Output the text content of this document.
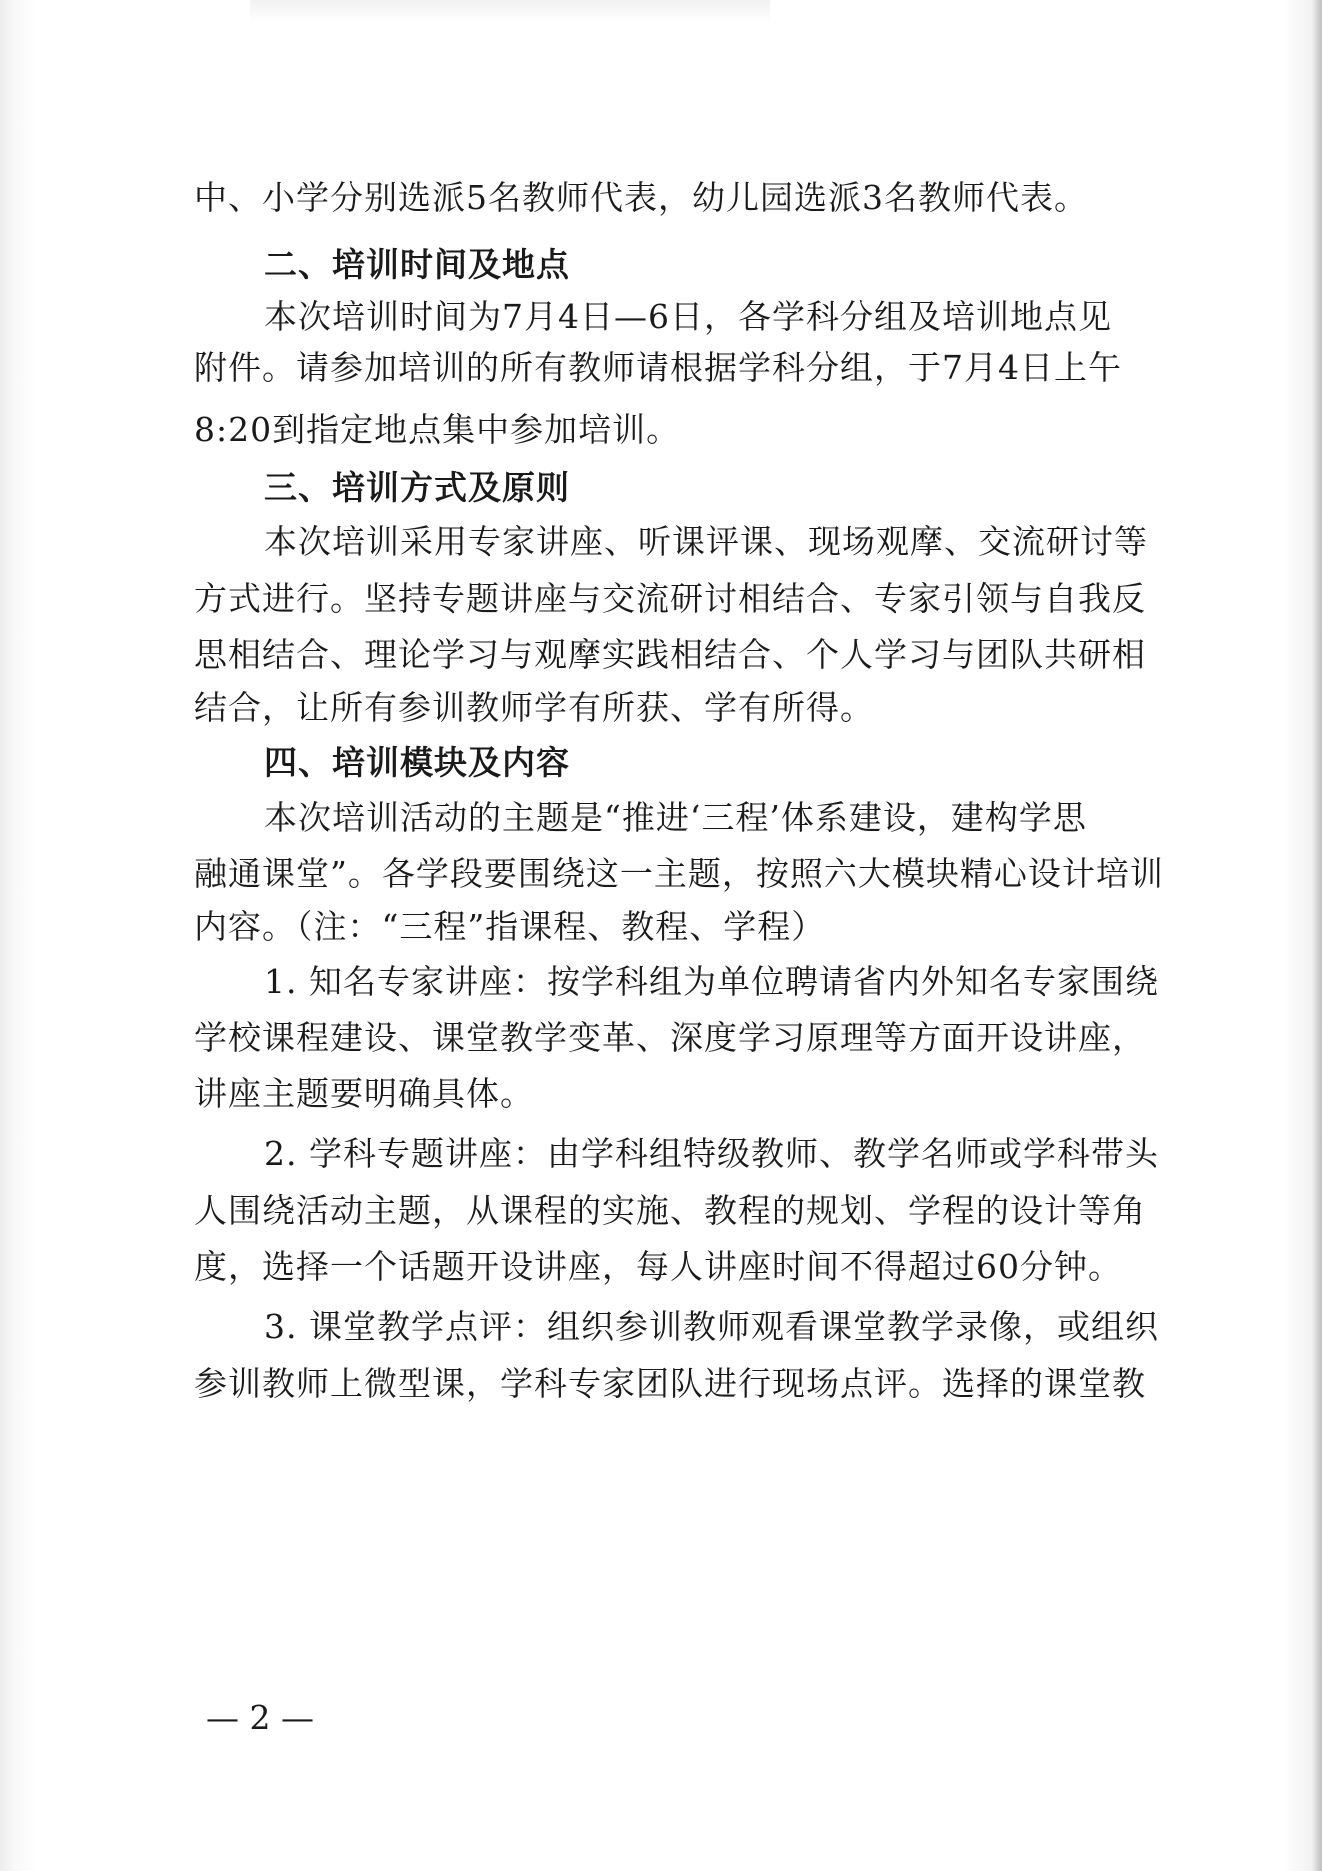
中、小学分别选派5名教师代表，幼儿园选派3名教师代表。
二、培训时间及地点
本次培训时间为7月4日—6日，各学科分组及培训地点见
附件。请参加培训的所有教师请根据学科分组，于7月4日上午
8:20到指定地点集中参加培训。
三、培训方式及原则
本次培训采用专家讲座、听课评课、现场观摩、交流研讨等
方式进行。坚持专题讲座与交流研讨相结合、专家引领与自我反
思相结合、理论学习与观摩实践相结合、个人学习与团队共研相
结合，让所有参训教师学有所获、学有所得。
四、培训模块及内容
本次培训活动的主题是“推进‘三程’体系建设，建构学思
融通课堂”。各学段要围绕这一主题，按照六大模块精心设计培训
内容。（注：“三程”指课程、教程、学程）
1. 知名专家讲座：按学科组为单位聘请省内外知名专家围绕
学校课程建设、课堂教学变革、深度学习原理等方面开设讲座，
讲座主题要明确具体。
2. 学科专题讲座：由学科组特级教师、教学名师或学科带头
人围绕活动主题，从课程的实施、教程的规划、学程的设计等角
度，选择一个话题开设讲座，每人讲座时间不得超过60分钟。
3. 课堂教学点评：组织参训教师观看课堂教学录像，或组织
参训教师上微型课，学科专家团队进行现场点评。选择的课堂教
— 2 —
